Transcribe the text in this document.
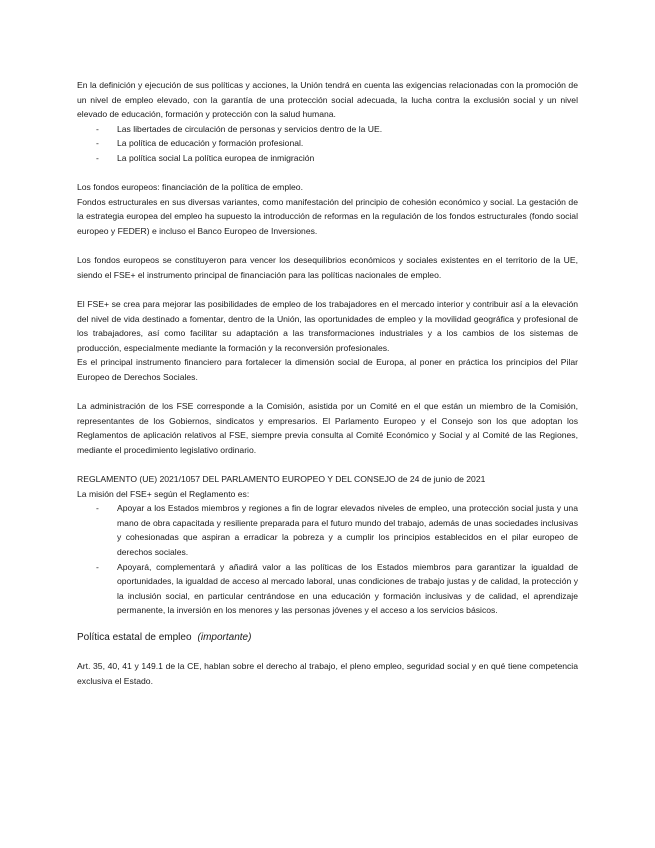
En la definición y ejecución de sus políticas y acciones, la Unión tendrá en cuenta las exigencias relacionadas con la promoción de un nivel de empleo elevado, con la garantía de una protección social adecuada, la lucha contra la exclusión social y un nivel elevado de educación, formación y protección con la salud humana.

- Las libertades de circulación de personas y servicios dentro de la UE.
- La política de educación y formación profesional.
- La política social La política europea de inmigración

Los fondos europeos: financiación de la política de empleo.

Fondos estructurales en sus diversas variantes, como manifestación del principio de cohesión económico y social. La gestación de la estrategia europea del empleo ha supuesto la introducción de reformas en la regulación de los fondos estructurales (fondo social europeo y FEDER) e incluso el Banco Europeo de Inversiones.

Los fondos europeos se constituyeron para vencer los desequilibrios económicos y sociales existentes en el territorio de la UE, siendo el FSE+ el instrumento principal de financiación para las políticas nacionales de empleo.

El FSE+ se crea para mejorar las posibilidades de empleo de los trabajadores en el mercado interior y contribuir así a la elevación del nivel de vida destinado a fomentar, dentro de la Unión, las oportunidades de empleo y la movilidad geográfica y profesional de los trabajadores, así como facilitar su adaptación a las transformaciones industriales y a los cambios de los sistemas de producción, especialmente mediante la formación y la reconversión profesionales.

Es el principal instrumento financiero para fortalecer la dimensión social de Europa, al poner en práctica los principios del Pilar Europeo de Derechos Sociales.

La administración de los FSE corresponde a la Comisión, asistida por un Comité en el que están un miembro de la Comisión, representantes de los Gobiernos, sindicatos y empresarios. El Parlamento Europeo y el Consejo son los que adoptan los Reglamentos de aplicación relativos al FSE, siempre previa consulta al Comité Económico y Social y al Comité de las Regiones, mediante el procedimiento legislativo ordinario.

REGLAMENTO (UE) 2021/1057 DEL PARLAMENTO EUROPEO Y DEL CONSEJO de 24 de junio de 2021

La misión del FSE+ según el Reglamento es:

- Apoyar a los Estados miembros y regiones a fin de lograr elevados niveles de empleo, una protección social justa y una mano de obra capacitada y resiliente preparada para el futuro mundo del trabajo, además de unas sociedades inclusivas y cohesionadas que aspiran a erradicar la pobreza y a cumplir los principios establecidos en el pilar europeo de derechos sociales.
- Apoyará, complementará y añadirá valor a las políticas de los Estados miembros para garantizar la igualdad de oportunidades, la igualdad de acceso al mercado laboral, unas condiciones de trabajo justas y de calidad, la protección y la inclusión social, en particular centrándose en una educación y formación inclusivas y de calidad, el aprendizaje permanente, la inversión en los menores y las personas jóvenes y el acceso a los servicios básicos.

Política estatal de empleo (importante)

Art. 35, 40, 41 y 149.1 de la CE, hablan sobre el derecho al trabajo, el pleno empleo, seguridad social y en qué tiene competencia exclusiva el Estado.
